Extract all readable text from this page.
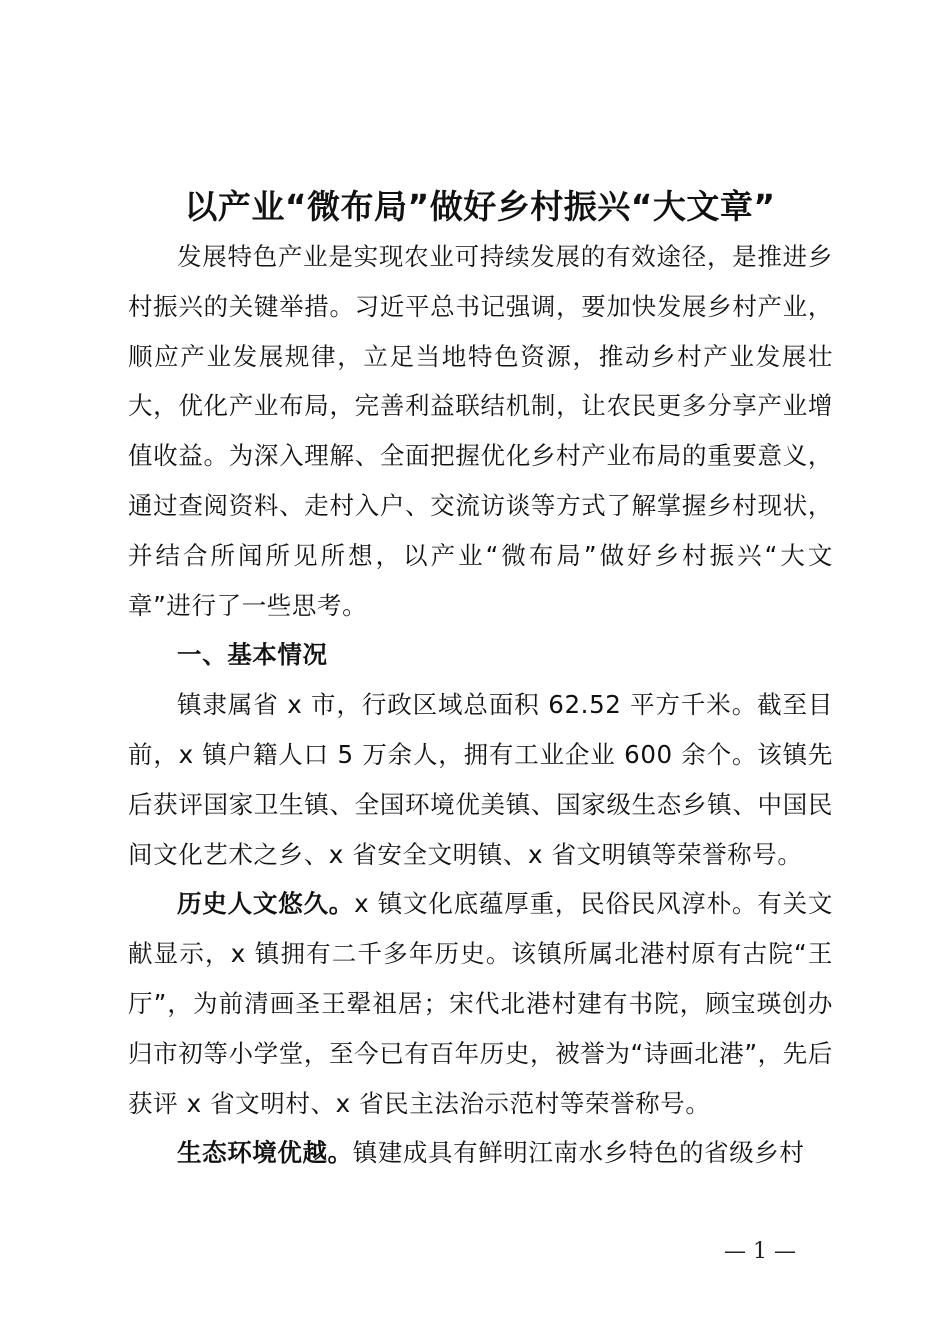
以产业“微布局”做好乡村振兴“大文章”

发展特色产业是实现农业可持续发展的有效途径，是推进乡村振兴的关键举措。习近平总书记强调，要加快发展乡村产业，顺应产业发展规律，立足当地特色资源，推动乡村产业发展壮大，优化产业布局，完善利益联结机制，让农民更多分享产业增值收益。为深入理解、全面把握优化乡村产业布局的重要意义，通过查阅资料、走村入户、交流访谈等方式了解掌握乡村现状，并结合所闻所见所想，以产业“微布局”做好乡村振兴“大文章”进行了一些思考。

一、基本情况

镇隶属省 x 市，行政区域总面积 62.52 平方千米。截至目前，x 镇户籍人口 5 万余人，拥有工业企业 600 余个。该镇先后获评国家卫生镇、全国环境优美镇、国家级生态乡镇、中国民间文化艺术之乡、x 省安全文明镇、x 省文明镇等荣誉称号。

历史人文悠久。x 镇文化底蕴厚重，民俗民风淳朴。有关文献显示，x 镇拥有二千多年历史。该镇所属北港村原有古院“王厅”，为前清画圣王翚祖居；宋代北港村建有书院，顾宝瑛创办归市初等小学堂，至今已有百年历史，被誉为“诗画北港”，先后获评 x 省文明村、x 省民主法治示范村等荣誉称号。

生态环境优越。镇建成具有鲜明江南水乡特色的省级乡村

— 1 —
